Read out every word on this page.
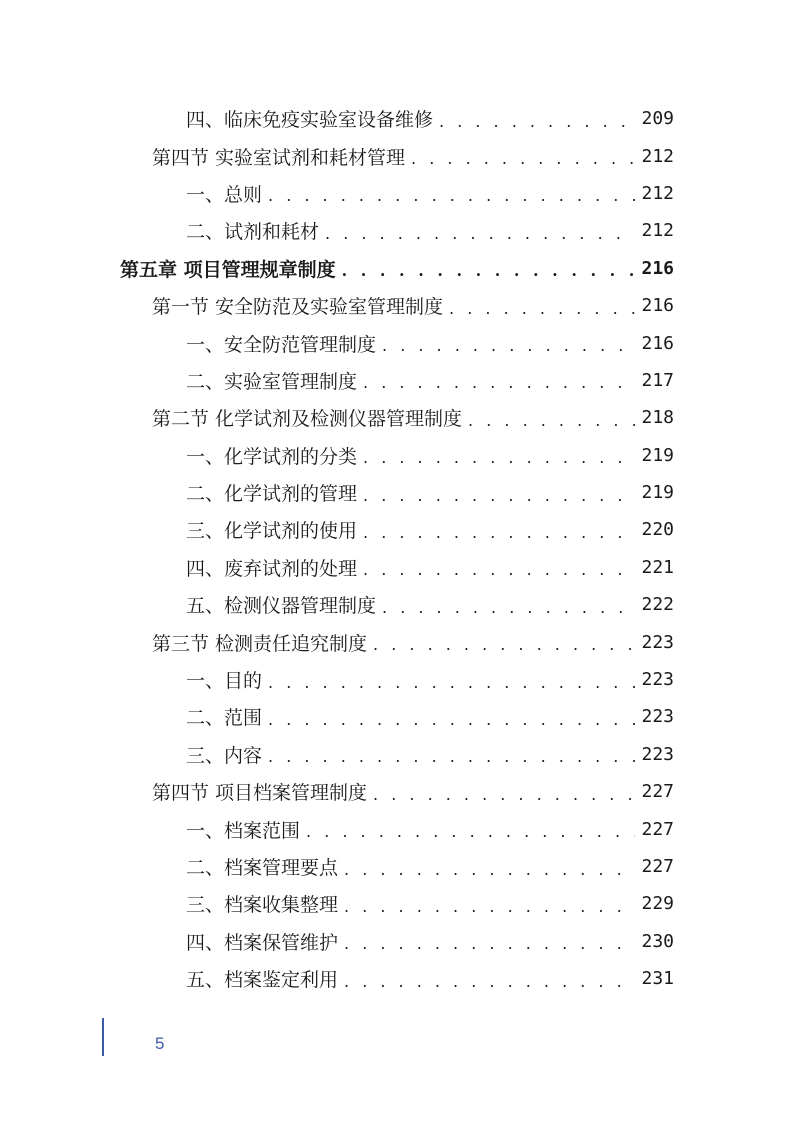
四、临床免疫实验室设备维修 . . .	209
第四节 实验室试剂和耗材管理 . . .	212
一、总则 . . .	212
二、试剂和耗材 . . .	212
第五章 项目管理规章制度 . . .	216
第一节 安全防范及实验室管理制度 . . .	216
一、安全防范管理制度 . . .	216
二、实验室管理制度 . . .	217
第二节 化学试剂及检测仪器管理制度 . . .	218
一、化学试剂的分类 . . .	219
二、化学试剂的管理 . . .	219
三、化学试剂的使用 . . .	220
四、废弃试剂的处理 . . .	221
五、检测仪器管理制度 . . .	222
第三节 检测责任追究制度 . . .	223
一、目的 . . .	223
二、范围 . . .	223
三、内容 . . .	223
第四节 项目档案管理制度 . . .	227
一、档案范围 . . .	227
二、档案管理要点 . . .	227
三、档案收集整理 . . .	229
四、档案保管维护 . . .	230
五、档案鉴定利用 . . .	231
5
